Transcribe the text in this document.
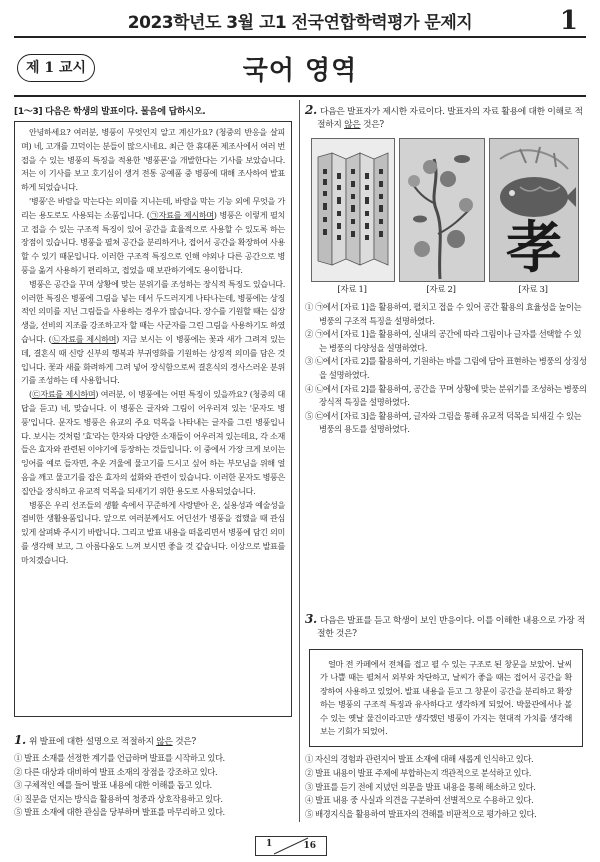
2023학년도 3월 고1 전국연합학력평가 문제지	1
제 1 교시	국어 영역
[1～3] 다음은 학생의 발표이다. 물음에 답하시오.

안녕하세요? 여러분, 병풍이 무엇인지 알고 계신가요? (청중의 반응을 살피며) 네, 고개를 끄덕이는 분들이 많으시네요. 최근 한 휴대폰 제조사에서 여러 번 접을 수 있는 병풍의 특징을 적용한 '병풍폰'을 개발한다는 기사를 보았습니다. 저는 이 기사를 보고 호기심이 생겨 전통 공예품 중 병풍에 대해 조사하여 발표하게 되었습니다.

'병풍'은 바람을 막는다는 의미를 지니는데, 바람을 막는 기능 외에 무엇을 가리는 용도로도 사용되는 소품입니다. (㉠자료를 제시하며) 병풍은 이렇게 펼치고 접을 수 있는 구조적 특징이 있어 공간을 효율적으로 사용할 수 있도록 하는 장점이 있습니다. 병풍을 펼쳐 공간을 분리하거나, 접어서 공간을 확장하여 사용할 수 있기 때문입니다. 이러한 구조적 특징으로 인해 야외나 다른 공간으로 병풍을 옮겨 사용하기 편리하고, 접었을 때 보관하기에도 용이합니다.

병풍은 공간을 꾸며 상황에 맞는 분위기를 조성하는 장식적 특징도 있습니다. 이러한 특징은 병풍에 그림을 넣는 데서 두드러지게 나타나는데, 병풍에는 상징적인 의미를 지닌 그림들을 사용하는 경우가 많습니다. 장수를 기원할 때는 십장생을, 선비의 지조를 강조하고자 할 때는 사군자를 그린 그림을 사용하기도 하였습니다. (㉡자료를 제시하며) 지금 보시는 이 병풍에는 꽃과 새가 그려져 있는데, 결혼식 때 신랑 신부의 행복과 부귀영화를 기원하는 상징적 의미를 담은 것입니다. 꽃과 새를 화려하게 그려 넣어 장식함으로써 결혼식의 경사스러운 분위기를 조성하는 데 사용합니다.

(㉢자료를 제시하며) 여러분, 이 병풍에는 어떤 특징이 있을까요? (청중의 대답을 듣고) 네, 맞습니다. 이 병풍은 글자와 그림이 어우러져 있는 '문자도 병풍'입니다. 문자도 병풍은 유교의 주요 덕목을 나타내는 글자를 그린 병풍입니다. 보시는 것처럼 '효'라는 한자와 다양한 소재들이 어우러져 있는데요, 각 소재들은 효자와 관련된 이야기에 등장하는 것들입니다. 이 중에서 가장 크게 보이는 잉어를 예로 들자면, 추운 겨울에 물고기를 드시고 싶어 하는 부모님을 위해 얼음을 깨고 물고기를 잡은 효자의 설화와 관련이 있습니다. 이러한 문자도 병풍은 집안을 장식하고 유교적 덕목을 되새기기 위한 용도로 사용되었습니다.

병풍은 우리 선조들의 생활 속에서 꾸준하게 사랑받아 온, 실용성과 예술성을 겸비한 생활용품입니다. 앞으로 여러분께서도 어딘선가 병풍을 접했을 때 관심 있게 살펴봐 주시기 바랍니다. 그리고 발표 내용을 떠올리면서 병풍에 담긴 의미를 생각해 보고, 그 아름다움도 느껴 보시면 좋을 것 같습니다. 이상으로 발표를 마치겠습니다.

1. 위 발표에 대한 설명으로 적절하지 않은 것은?
① 발표 소재를 선정한 계기를 언급하며 발표를 시작하고 있다.
② 다른 대상과 대비하여 발표 소재의 장점을 강조하고 있다.
③ 구체적인 예를 들어 발표 내용에 대한 이해를 돕고 있다.
④ 질문을 던지는 방식을 활용하여 청중과 상호작용하고 있다.
⑤ 발표 소재에 대한 관심을 당부하며 발표를 마무리하고 있다.
2. 다음은 발표자가 제시한 자료이다. 발표자의 자료 활용에 대한 이해로 적절하지 않은 것은?
孝
[자료 1]	[자료 2]	[자료 3]
① ㉠에서 [자료 1]을 활용하여, 펼치고 접을 수 있어 공간 활용의 효율성을 높이는 병풍의 구조적 특징을 설명하였다.
② ㉠에서 [자료 1]을 활용하여, 실내의 공간에 따라 그림이나 글자를 선택할 수 있는 병풍의 다양성을 설명하였다.
③ ㉡에서 [자료 2]를 활용하여, 기원하는 바를 그림에 담아 표현하는 병풍의 상징성을 설명하였다.
④ ㉡에서 [자료 2]를 활용하여, 공간을 꾸며 상황에 맞는 분위기를 조성하는 병풍의 장식적 특징을 설명하였다.
⑤ ㉢에서 [자료 3]을 활용하여, 글자와 그림을 통해 유교적 덕목을 되새길 수 있는 병풍의 용도를 설명하였다.
3. 다음은 발표를 듣고 학생이 보인 반응이다. 이를 이해한 내용으로 가장 적절한 것은?

얼마 전 카페에서 전체를 접고 펼 수 있는 구조로 된 창문을 보았어. 날씨가 나쁠 때는 펼쳐서 외부와 차단하고, 날씨가 좋을 때는 접어서 공간을 확장하여 사용하고 있었어. 발표 내용을 듣고 그 창문이 공간을 분리하고 확장하는 병풍의 구조적 특징과 유사하다고 생각하게 되었어. 박물관에서나 볼 수 있는 옛날 물건이라고만 생각했던 병풍이 가지는 현대적 가치를 생각해 보는 기회가 되었어.

① 자신의 경험과 관련지어 발표 소재에 대해 새롭게 인식하고 있다.
② 발표 내용이 발표 주제에 부합하는지 객관적으로 분석하고 있다.
③ 발표를 듣기 전에 지녔던 의문을 발표 내용을 통해 해소하고 있다.
④ 발표 내용 중 사실과 의견을 구분하여 선별적으로 수용하고 있다.
⑤ 배경지식을 활용하여 발표자의 견해를 비판적으로 평가하고 있다.
1	16
